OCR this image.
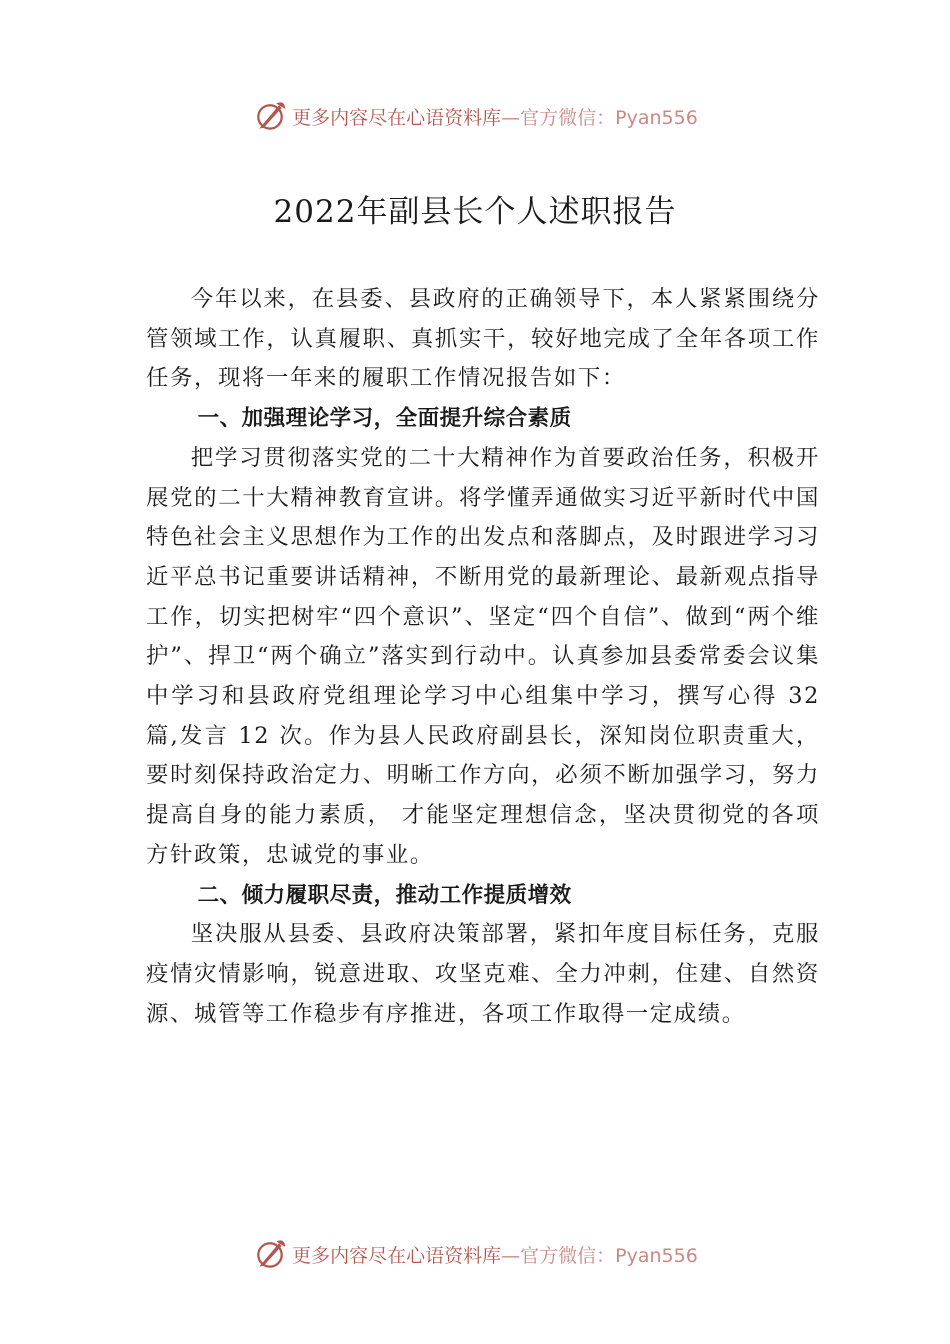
更多内容尽在心语资料库 —官方微信：Pyan556
2022年副县长个人述职报告

今年以来，在县委、县政府的正确领导下，本人紧紧围绕分管领域工作，认真履职、真抓实干，较好地完成了全年各项工作任务，现将一年来的履职工作情况报告如下：

一、加强理论学习，全面提升综合素质

把学习贯彻落实党的二十大精神作为首要政治任务，积极开展党的二十大精神教育宣讲。将学懂弄通做实习近平新时代中国特色社会主义思想作为工作的出发点和落脚点，及时跟进学习习近平总书记重要讲话精神，不断用党的最新理论、最新观点指导工作，切实把树牢“四个意识”、坚定“四个自信”、做到“两个维护”、捍卫“两个确立”落实到行动中。认真参加县委常委会议集中学习和县政府党组理论学习中心组集中学习，撰写心得 32 篇,发言 12 次。作为县人民政府副县长，深知岗位职责重大，要时刻保持政治定力、明晰工作方向，必须不断加强学习，努力提高自身的能力素质， 才能坚定理想信念，坚决贯彻党的各项方针政策，忠诚党的事业。

二、倾力履职尽责，推动工作提质增效

坚决服从县委、县政府决策部署，紧扣年度目标任务，克服疫情灾情影响，锐意进取、攻坚克难、全力冲刺，住建、自然资源、城管等工作稳步有序推进，各项工作取得一定成绩。

更多内容尽在心语资料库 —官方微信：Pyan556
